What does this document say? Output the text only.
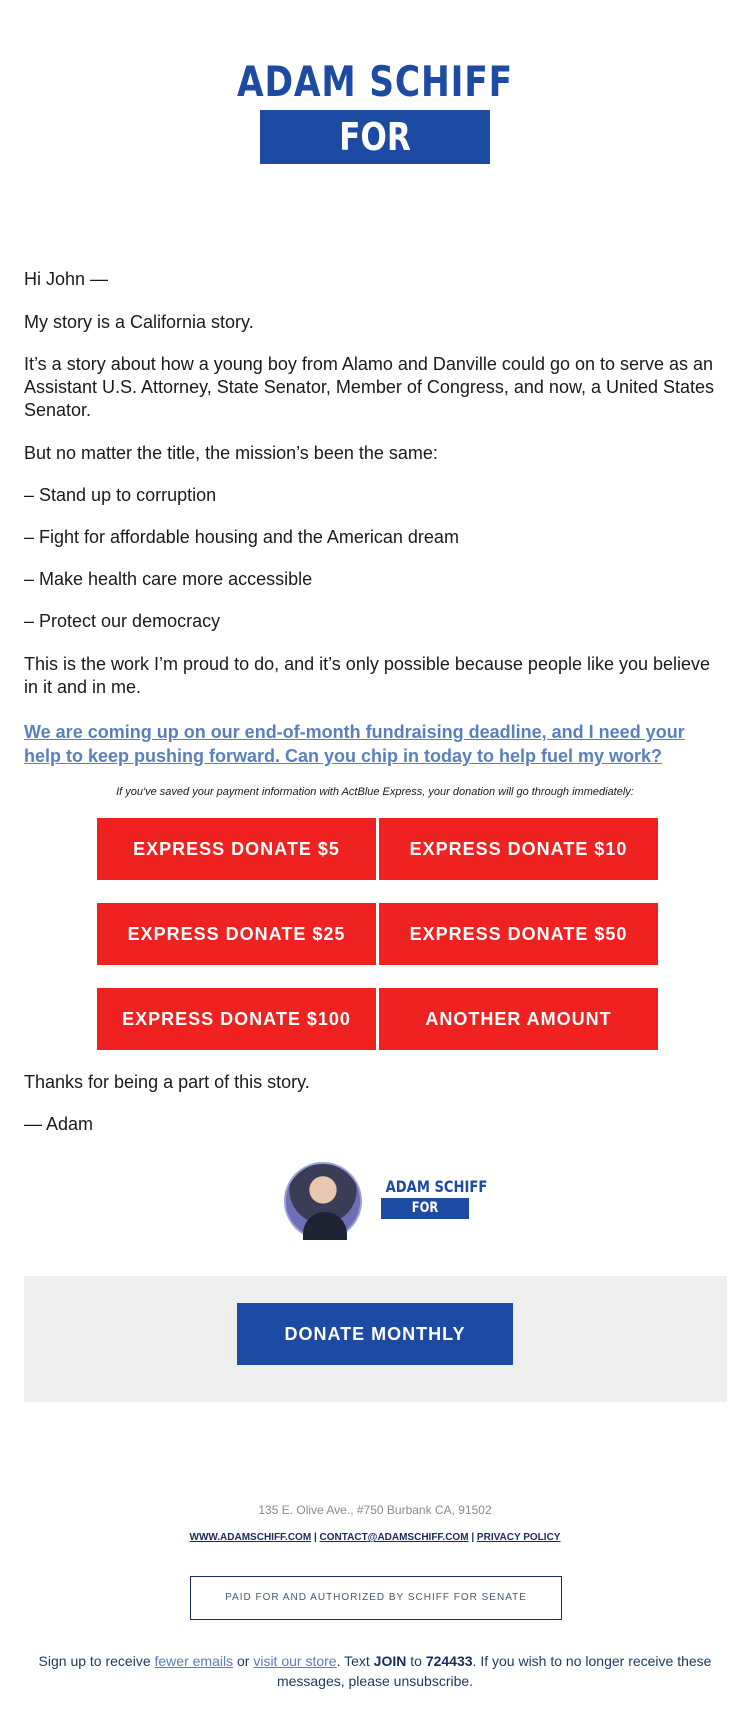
ADAM SCHIFF
FOR SENATE
Hi John —
My story is a California story.
It’s a story about how a young boy from Alamo and Danville could go on to serve as an Assistant U.S. Attorney, State Senator, Member of Congress, and now, a United States Senator.
But no matter the title, the mission’s been the same:
– Stand up to corruption
– Fight for affordable housing and the American dream
– Make health care more accessible
– Protect our democracy
This is the work I’m proud to do, and it’s only possible because people like you believe in it and in me.
We are coming up on our end-of-month fundraising deadline, and I need your help to keep pushing forward. Can you chip in today to help fuel my work?
If you've saved your payment information with ActBlue Express, your donation will go through immediately:
EXPRESS DONATE $5	EXPRESS DONATE $10
EXPRESS DONATE $25	EXPRESS DONATE $50
EXPRESS DONATE $100	ANOTHER AMOUNT
Thanks for being a part of this story.
— Adam
ADAM SCHIFF
FOR SENATE
DONATE MONTHLY
135 E. Olive Ave., #750 Burbank CA, 91502
WWW.ADAMSCHIFF.COM | CONTACT@ADAMSCHIFF.COM | PRIVACY POLICY
PAID FOR AND AUTHORIZED BY SCHIFF FOR SENATE
Sign up to receive fewer emails or visit our store. Text JOIN to 724433. If you wish to no longer receive these messages, please unsubscribe.
